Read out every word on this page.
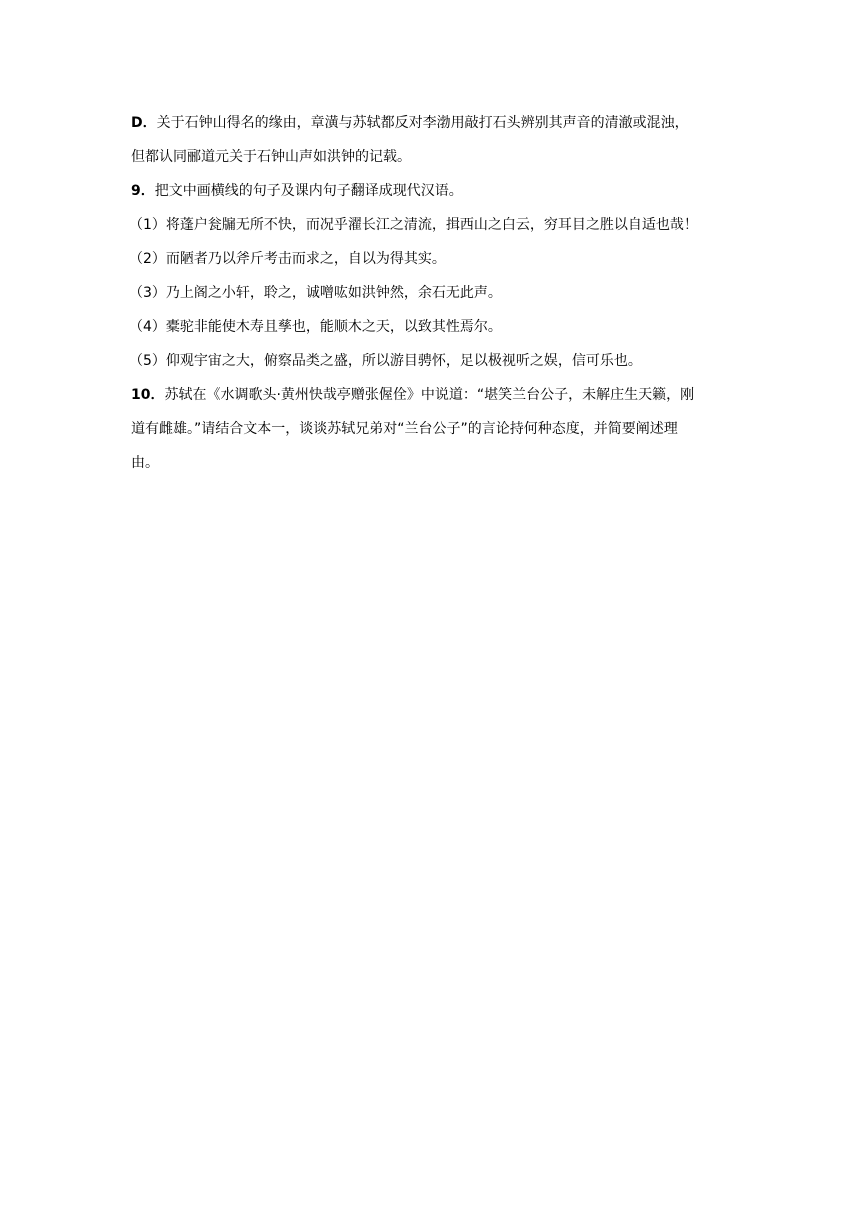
D．关于石钟山得名的缘由，章潢与苏轼都反对李渤用敲打石头辨别其声音的清澈或混浊，
但都认同郦道元关于石钟山声如洪钟的记载。
9．把文中画横线的句子及课内句子翻译成现代汉语。
（1）将蓬户瓮牖无所不快，而况乎濯长江之清流，揖西山之白云，穷耳目之胜以自适也哉！
（2）而陋者乃以斧斤考击而求之，自以为得其实。
（3）乃上阁之小轩，聆之，诚噌吰如洪钟然，余石无此声。
（4）橐驼非能使木寿且孳也，能顺木之天，以致其性焉尔。
（5）仰观宇宙之大，俯察品类之盛，所以游目骋怀，足以极视听之娱，信可乐也。
10．苏轼在《水调歌头·黄州快哉亭赠张偓佺》中说道：“堪笑兰台公子，未解庄生天籁，刚
道有雌雄。”请结合文本一，谈谈苏轼兄弟对“兰台公子”的言论持何种态度，并简要阐述理
由。
